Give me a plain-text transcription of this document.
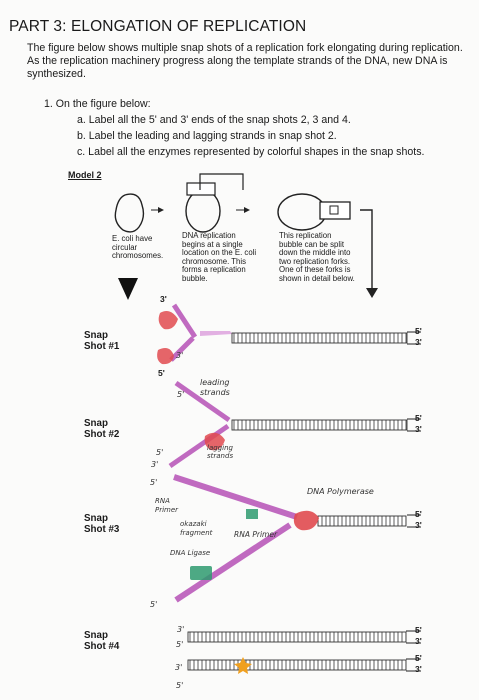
PART 3: ELONGATION OF REPLICATION
The figure below shows multiple snap shots of a replication fork elongating during replication. As the replication machinery progress along the template strands of the DNA, new DNA is synthesized.
1. On the figure below:
a. Label all the 5' and 3' ends of the snap shots 2, 3 and 4.
b. Label the leading and lagging strands in snap shot 2.
c. Label all the enzymes represented by colorful shapes in the snap shots.
Model 2
E. coli have
circular
chromosomes.
DNA replication
begins at a single
location on the E. coli
chromosome. This
forms a replication
bubble.
This replication
bubble can be split
down the middle into
two replication forks.
One of these forks is
shown in detail below.
Snap
Shot #1
Snap
Shot #2
Snap
Shot #3
Snap
Shot #4
3'
5'
5'
3'
5'
3'
5'
3'
5'
3'
5'
3'
leading
strands
lagging
strands
RNA
Primer
DNA Polymerase
okazaki
fragment	RNA Primer
DNA Ligase
3'
5'
3'
5'
5'
5'
3'
5'
3'
5'
